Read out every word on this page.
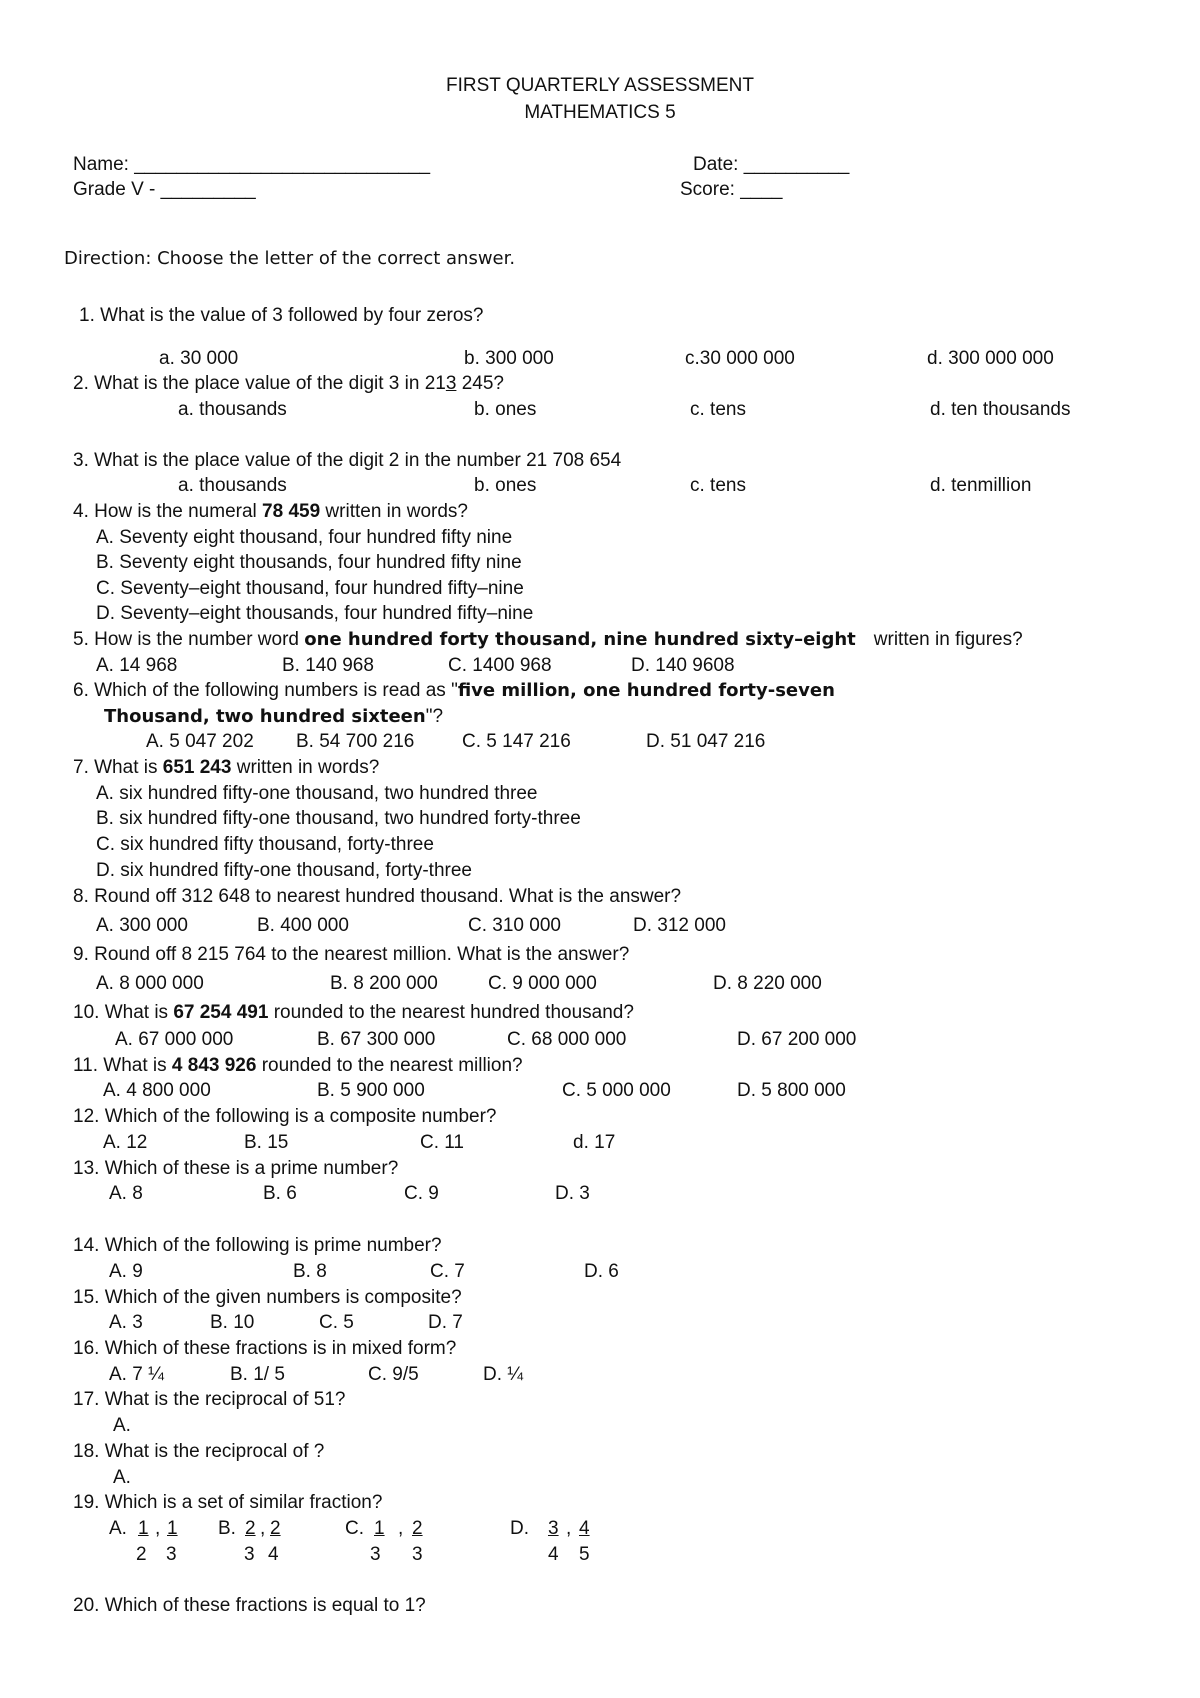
FIRST QUARTERLY ASSESSMENT
MATHEMATICS 5
Name: ____________________________	Date: __________
Grade V - _________	Score: ____
Direction: Choose the letter of the correct answer.
1. What is the value of 3 followed by four zeros?
a. 30 000	b. 300 000	c.30 000 000	d. 300 000 000
2. What is the place value of the digit 3 in 213 245?
a. thousands	b. ones	c. tens	d. ten thousands
3. What is the place value of the digit 2 in the number 21 708 654
a. thousands	b. ones	c. tens	d. tenmillion
4. How is the numeral 78 459 written in words?
A. Seventy eight thousand, four hundred fifty nine
B. Seventy eight thousands, four hundred fifty nine
C. Seventy–eight thousand, four hundred fifty–nine
D. Seventy–eight thousands, four hundred fifty–nine
5. How is the number word one hundred forty thousand, nine hundred sixty–eight written in figures?
A. 14 968	B. 140 968	C. 1400 968	D. 140 9608
6. Which of the following numbers is read as "five million, one hundred forty-seven
Thousand, two hundred sixteen"?
A. 5 047 202 B. 54 700 216	C. 5 147 216	D. 51 047 216
7. What is 651 243 written in words?
A. six hundred fifty-one thousand, two hundred three
B. six hundred fifty-one thousand, two hundred forty-three
C. six hundred fifty thousand, forty-three
D. six hundred fifty-one thousand, forty-three
8. Round off 312 648 to nearest hundred thousand. What is the answer?
A. 300 000	B. 400 000	C. 310 000	D. 312 000
9. Round off 8 215 764 to the nearest million. What is the answer?
A. 8 000 000	B. 8 200 000	C. 9 000 000	D. 8 220 000
10. What is 67 254 491 rounded to the nearest hundred thousand?
A. 67 000 000	B. 67 300 000	C. 68 000 000	D. 67 200 000
11. What is 4 843 926 rounded to the nearest million?
A. 4 800 000	B. 5 900 000	C. 5 000 000	D. 5 800 000
12. Which of the following is a composite number?
A. 12	B. 15	C. 11	d. 17
13. Which of these is a prime number?
A. 8	B. 6	C. 9	D. 3
14. Which of the following is prime number?
A. 9	B. 8	C. 7	D. 6
15. Which of the given numbers is composite?
A. 3	B. 10	C. 5	D. 7
16. Which of these fractions is in mixed form?
A. 7 ¼	B. 1/ 5	C. 9/5	D. ¼
17. What is the reciprocal of 51?
A.
18. What is the reciprocal of ?
A.
19. Which is a set of similar fraction?
A. 1 , 1
2 3
B. 2 , 2
3 4
C. 1 , 2
3 3
D. 3 , 4
4 5
20. Which of these fractions is equal to 1?
